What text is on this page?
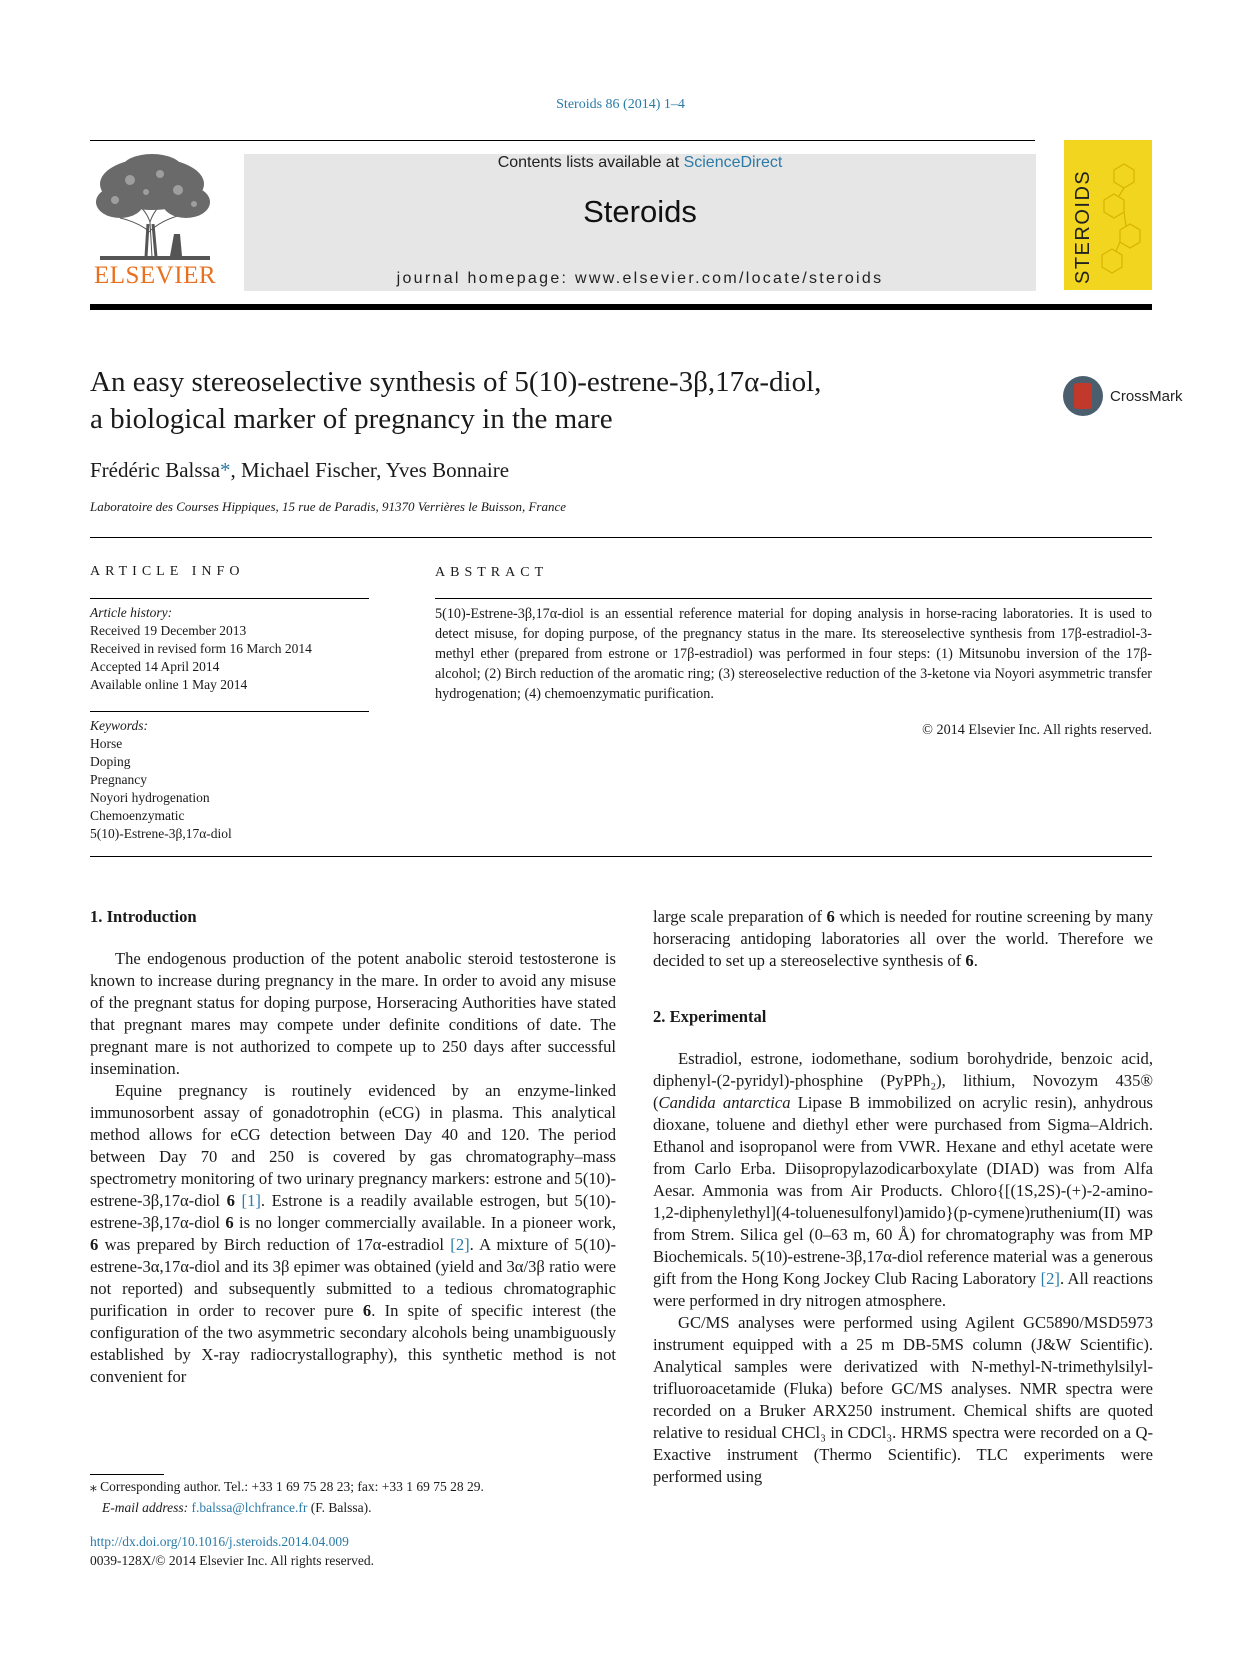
Steroids 86 (2014) 1–4
ELSEVIER
Contents lists available at ScienceDirect
Steroids
journal homepage: www.elsevier.com/locate/steroids	STEROIDS
An easy stereoselective synthesis of 5(10)-estrene-3β,17α-diol,
a biological marker of pregnancy in the mare
CrossMark
Frédéric Balssa*, Michael Fischer, Yves Bonnaire
Laboratoire des Courses Hippiques, 15 rue de Paradis, 91370 Verrières le Buisson, France
ARTICLE INFO	ABSTRACT
Article history:
Received 19 December 2013
Received in revised form 16 March 2014
Accepted 14 April 2014
Available online 1 May 2014
Keywords:
Horse
Doping
Pregnancy
Noyori hydrogenation
Chemoenzymatic
5(10)-Estrene-3β,17α-diol
5(10)-Estrene-3β,17α-diol is an essential reference material for doping analysis in horse-racing laboratories. It is used to detect misuse, for doping purpose, of the pregnancy status in the mare. Its stereoselective synthesis from 17β-estradiol-3-methyl ether (prepared from estrone or 17β-estradiol) was performed in four steps: (1) Mitsunobu inversion of the 17β-alcohol; (2) Birch reduction of the aromatic ring; (3) stereoselective reduction of the 3-ketone via Noyori asymmetric transfer hydrogenation; (4) chemoenzymatic purification.
© 2014 Elsevier Inc. All rights reserved.
1. Introduction

The endogenous production of the potent anabolic steroid testosterone is known to increase during pregnancy in the mare. In order to avoid any misuse of the pregnant status for doping purpose, Horseracing Authorities have stated that pregnant mares may compete under definite conditions of date. The pregnant mare is not authorized to compete up to 250 days after successful insemination.

Equine pregnancy is routinely evidenced by an enzyme-linked immunosorbent assay of gonadotrophin (eCG) in plasma. This analytical method allows for eCG detection between Day 40 and 120. The period between Day 70 and 250 is covered by gas chromatography–mass spectrometry monitoring of two urinary pregnancy markers: estrone and 5(10)-estrene-3β,17α-diol 6 [1]. Estrone is a readily available estrogen, but 5(10)-estrene-3β,17α-diol 6 is no longer commercially available. In a pioneer work, 6 was prepared by Birch reduction of 17α-estradiol [2]. A mixture of 5(10)-estrene-3α,17α-diol and its 3β epimer was obtained (yield and 3α/3β ratio were not reported) and subsequently submitted to a tedious chromatographic purification in order to recover pure 6. In spite of specific interest (the configuration of the two asymmetric secondary alcohols being unambiguously established by X-ray radiocrystallography), this synthetic method is not convenient for

large scale preparation of 6 which is needed for routine screening by many horseracing antidoping laboratories all over the world. Therefore we decided to set up a stereoselective synthesis of 6.

2. Experimental

Estradiol, estrone, iodomethane, sodium borohydride, benzoic acid, diphenyl-(2-pyridyl)-phosphine (PyPPh₂), lithium, Novozym 435® (Candida antarctica Lipase B immobilized on acrylic resin), anhydrous dioxane, toluene and diethyl ether were purchased from Sigma–Aldrich. Ethanol and isopropanol were from VWR. Hexane and ethyl acetate were from Carlo Erba. Diisopropylazodicarboxylate (DIAD) was from Alfa Aesar. Ammonia was from Air Products. Chloro{[(1S,2S)-(+)-2-amino-1,2-diphenylethyl](4-toluenesulfonyl)amido}(p-cymene)ruthenium(II) was from Strem. Silica gel (0–63 m, 60 Å) for chromatography was from MP Biochemicals. 5(10)-estrene-3β,17α-diol reference material was a generous gift from the Hong Kong Jockey Club Racing Laboratory [2]. All reactions were performed in dry nitrogen atmosphere.

GC/MS analyses were performed using Agilent GC5890/MSD5973 instrument equipped with a 25 m DB-5MS column (J&W Scientific). Analytical samples were derivatized with N-methyl-N-trimethylsilyl-trifluoroacetamide (Fluka) before GC/MS analyses. NMR spectra were recorded on a Bruker ARX250 instrument. Chemical shifts are quoted relative to residual CHCl₃ in CDCl₃. HRMS spectra were recorded on a Q-Exactive instrument (Thermo Scientific). TLC experiments were performed using

⁎ Corresponding author. Tel.: +33 1 69 75 28 23; fax: +33 1 69 75 28 29.
E-mail address: f.balssa@lchfrance.fr (F. Balssa).
http://dx.doi.org/10.1016/j.steroids.2014.04.009
0039-128X/© 2014 Elsevier Inc. All rights reserved.
